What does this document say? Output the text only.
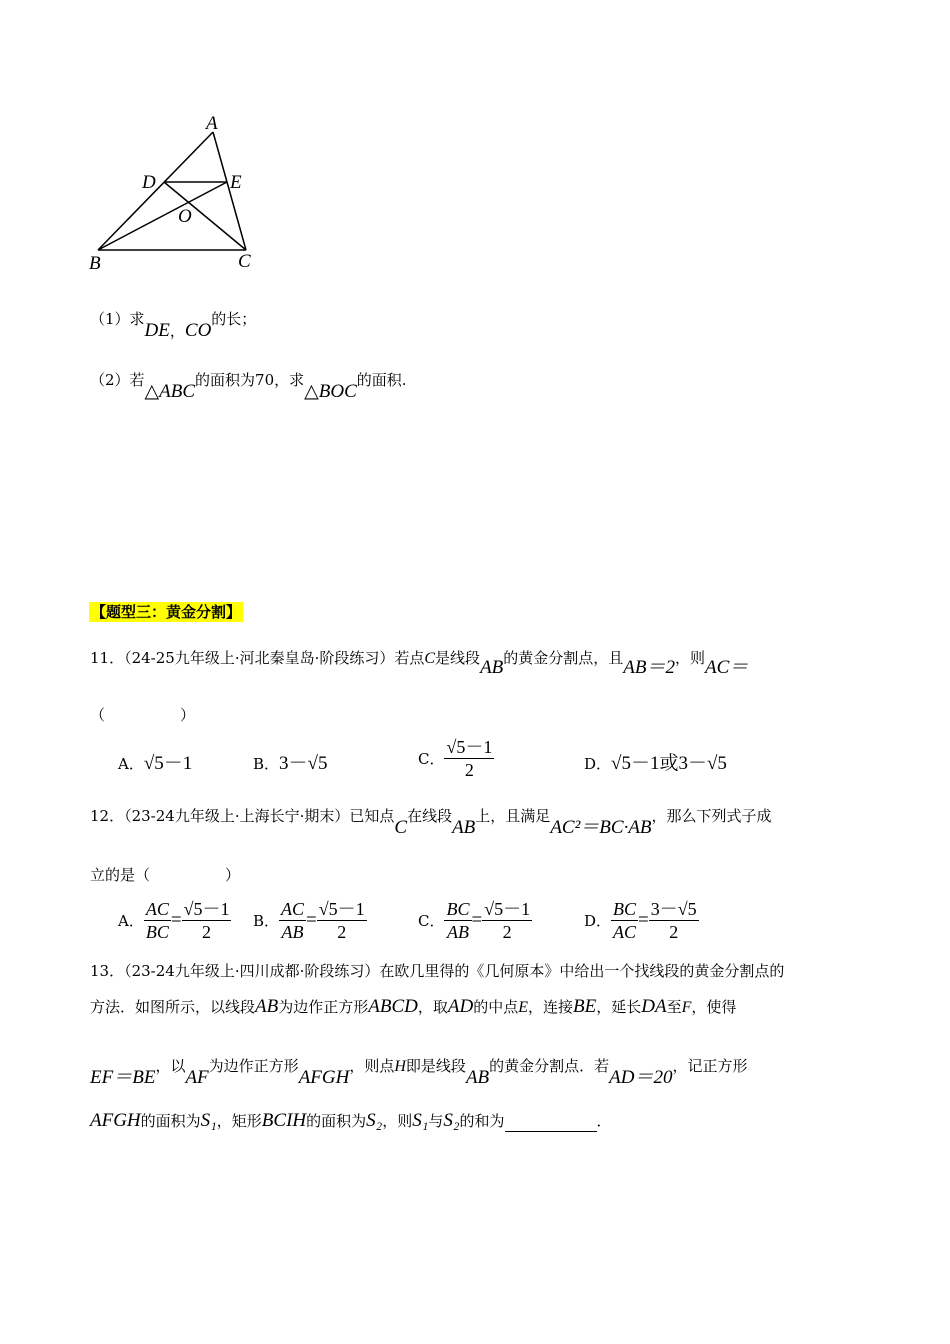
A
D	E
O
B	C
（1）求DE，CO的长；
（2）若△ABC的面积为70，求△BOC的面积.
【题型三：黄金分割】
11．（24-25九年级上·河北秦皇岛·阶段练习）若点C是线段AB的黄金分割点，且AB＝2，则AC＝
（　　　　　）
A．√5－1	B．3－√5	C． $\frac{√5-1}{2}$	D．√5－1或3－√5
12．（23-24九年级上·上海长宁·期末）已知点C在线段AB上，且满足AC²＝BC·AB，那么下列式子成
立的是（　　　　　）
A． $\frac{AC}{BC} = \frac{√5-1}{2}$ B． $\frac{AC}{AB} = \frac{√5-1}{2}$	C． $\frac{BC}{AB} = \frac{√5-1}{2}$	D． $\frac{BC}{AC} = \frac{3-√5}{2}$
13．（23-24九年级上·四川成都·阶段练习）在欧几里得的《几何原本》中给出一个找线段的黄金分割点的
方法．如图所示，以线段AB为边作正方形ABCD，取AD的中点E，连接BE，延长DA至F，使得
EF＝BE，以AF为边作正方形AFGH，则点H即是线段AB的黄金分割点．若AD＝20，记正方形
AFGH的面积为S₁，矩形BCIH的面积为S₂，则S₁与S₂的和为	．
